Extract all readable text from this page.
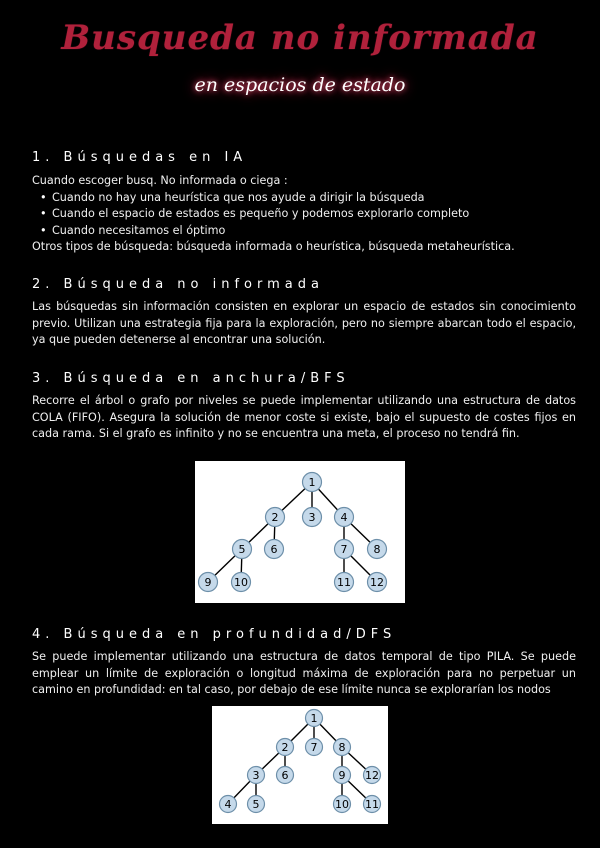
Busqueda no informada
en espacios de estado
1. Búsquedas en IA
Cuando escoger busq. No informada o ciega :
• Cuando no hay una heurística que nos ayude a dirigir la búsqueda
• Cuando el espacio de estados es pequeño y podemos explorarlo completo
• Cuando necesitamos el óptimo
Otros tipos de búsqueda: búsqueda informada o heurística, búsqueda metaheurística.
2. Búsqueda no informada
Las búsquedas sin información consisten en explorar un espacio de estados sin conocimiento previo. Utilizan una estrategia fija para la exploración, pero no siempre abarcan todo el espacio, ya que pueden detenerse al encontrar una solución.
3. Búsqueda en anchura/BFS
Recorre el árbol o grafo por niveles se puede implementar utilizando una estructura de datos COLA (FIFO). Asegura la solución de menor coste si existe, bajo el supuesto de costes fijos en cada rama. Si el grafo es infinito y no se encuentra una meta, el proceso no tendrá fin.
1
2	3 4
5 6	7 8
9 10	11 12
4. Búsqueda en profundidad/DFS
Se puede implementar utilizando una estructura de datos temporal de tipo PILA. Se puede emplear un límite de exploración o longitud máxima de exploración para no perpetuar un camino en profundidad: en tal caso, por debajo de ese límite nunca se explorarían los nodos
1
2 7 8
3 6	9 12
4 5	10 11
